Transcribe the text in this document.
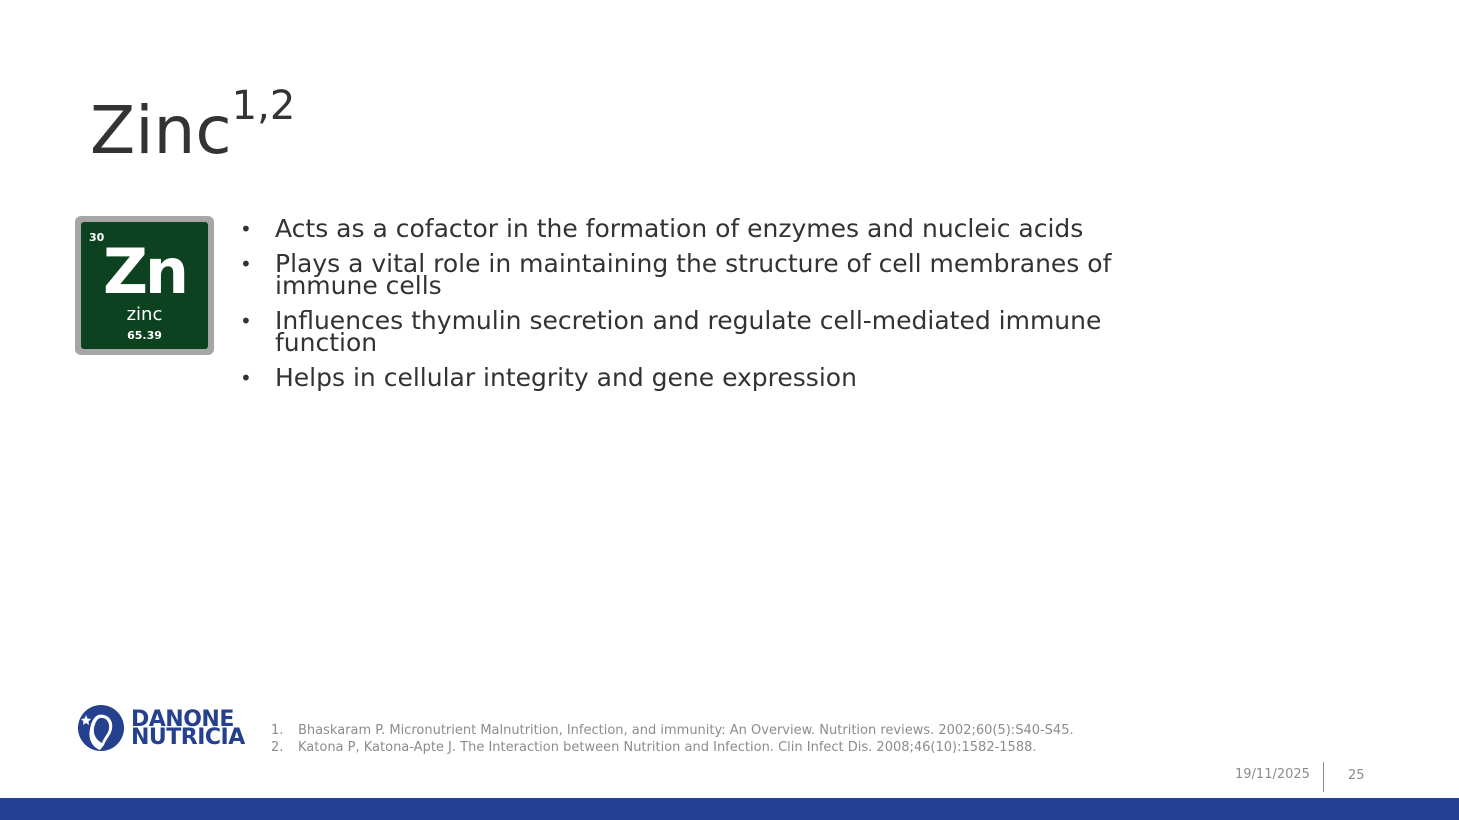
Zinc$^{1,2}$
30
Zn
zinc
65.39
• Acts as a cofactor in the formation of enzymes and nucleic acids
• Plays a vital role in maintaining the structure of cell membranes of immune cells
• Influences thymulin secretion and regulate cell-mediated immune function
• Helps in cellular integrity and gene expression
DANONE
NUTRICIA 1. Bhaskaram P. Micronutrient Malnutrition, Infection, and immunity: An Overview. Nutrition reviews. 2002;60(5):S40-S45.
2. Katona P, Katona-Apte J. The Interaction between Nutrition and Infection. Clin Infect Dis. 2008;46(10):1582-1588.
19/11/2025	25
